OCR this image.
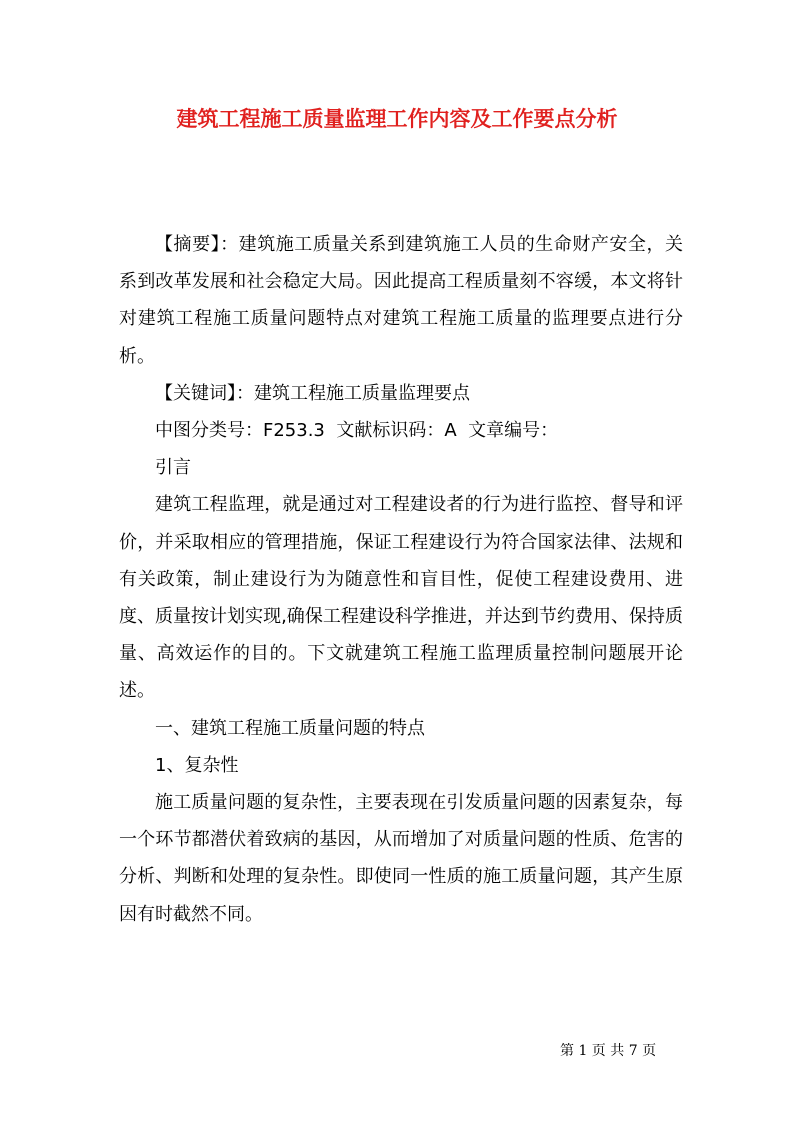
建筑工程施工质量监理工作内容及工作要点分析

【摘要】：建筑施工质量关系到建筑施工人员的生命财产安全，关系到改革发展和社会稳定大局。因此提高工程质量刻不容缓，本文将针对建筑工程施工质量问题特点对建筑工程施工质量的监理要点进行分析。

【关键词】：建筑工程施工质量监理要点

中图分类号：F253.3  文献标识码：A  文章编号：

引言

建筑工程监理，就是通过对工程建设者的行为进行监控、督导和评价，并采取相应的管理措施，保证工程建设行为符合国家法律、法规和有关政策，制止建设行为为随意性和盲目性，促使工程建设费用、进度、质量按计划实现,确保工程建设科学推进，并达到节约费用、保持质量、高效运作的目的。下文就建筑工程施工监理质量控制问题展开论述。

一、建筑工程施工质量问题的特点

1、复杂性

施工质量问题的复杂性，主要表现在引发质量问题的因素复杂，每一个环节都潜伏着致病的基因，从而增加了对质量问题的性质、危害的分析、判断和处理的复杂性。即使同一性质的施工质量问题，其产生原因有时截然不同。

第 1 页 共 7 页
